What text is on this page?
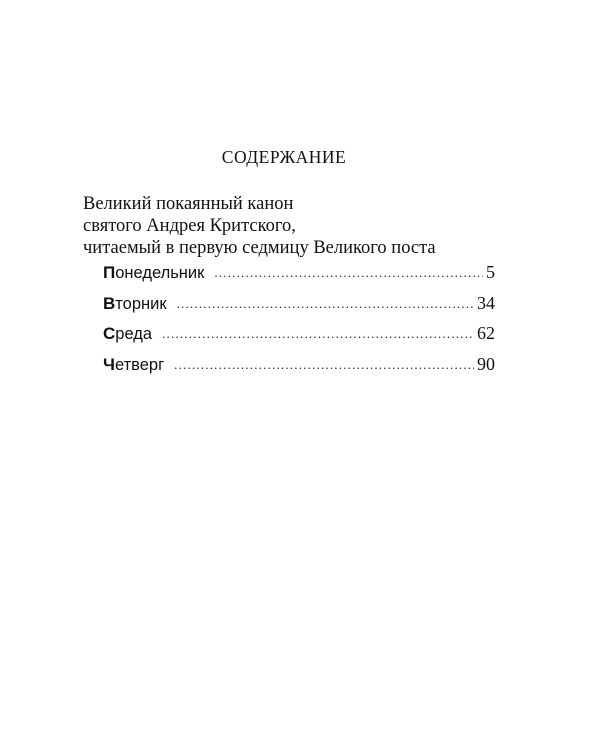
СОДЕРЖАНИЕ
Великий покаянный канон
святого Андрея Критского,
читаемый в первую седмицу Великого поста
Понедельник .....	5
Вторник .....	34
Среда .....	62
Четверг .....	90
